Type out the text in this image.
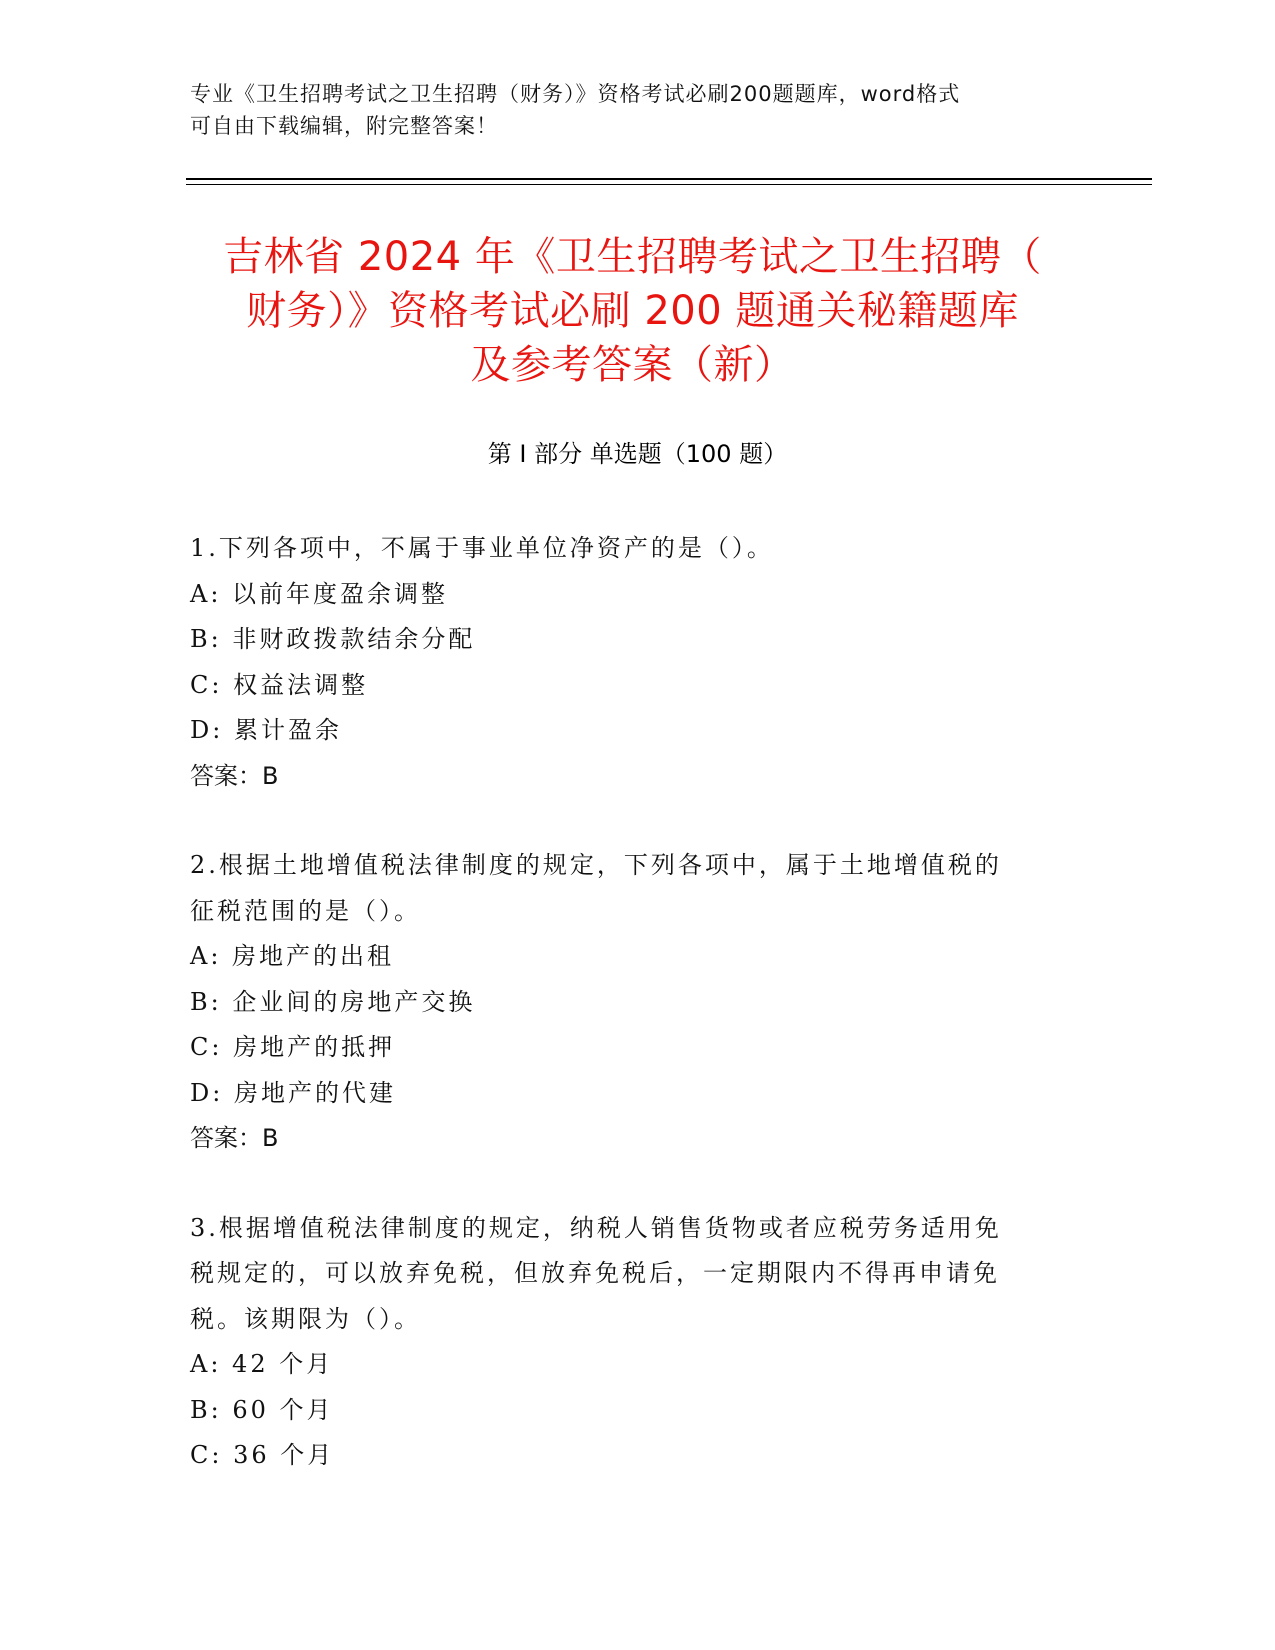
专业《卫生招聘考试之卫生招聘（财务）》资格考试必刷200题题库，word格式
可自由下载编辑，附完整答案！
吉林省 2024 年《卫生招聘考试之卫生招聘（
财务）》资格考试必刷 200 题通关秘籍题库
及参考答案（新）
第 I 部分 单选题（100 题）
1.下列各项中，不属于事业单位净资产的是（）。
A: 以前年度盈余调整
B: 非财政拨款结余分配
C: 权益法调整
D: 累计盈余
答案：B
2.根据土地增值税法律制度的规定，下列各项中，属于土地增值税的
征税范围的是（）。
A: 房地产的出租
B: 企业间的房地产交换
C: 房地产的抵押
D: 房地产的代建
答案：B
3.根据增值税法律制度的规定，纳税人销售货物或者应税劳务适用免
税规定的，可以放弃免税，但放弃免税后，一定期限内不得再申请免
税。该期限为（）。
A: 42 个月
B: 60 个月
C: 36 个月
